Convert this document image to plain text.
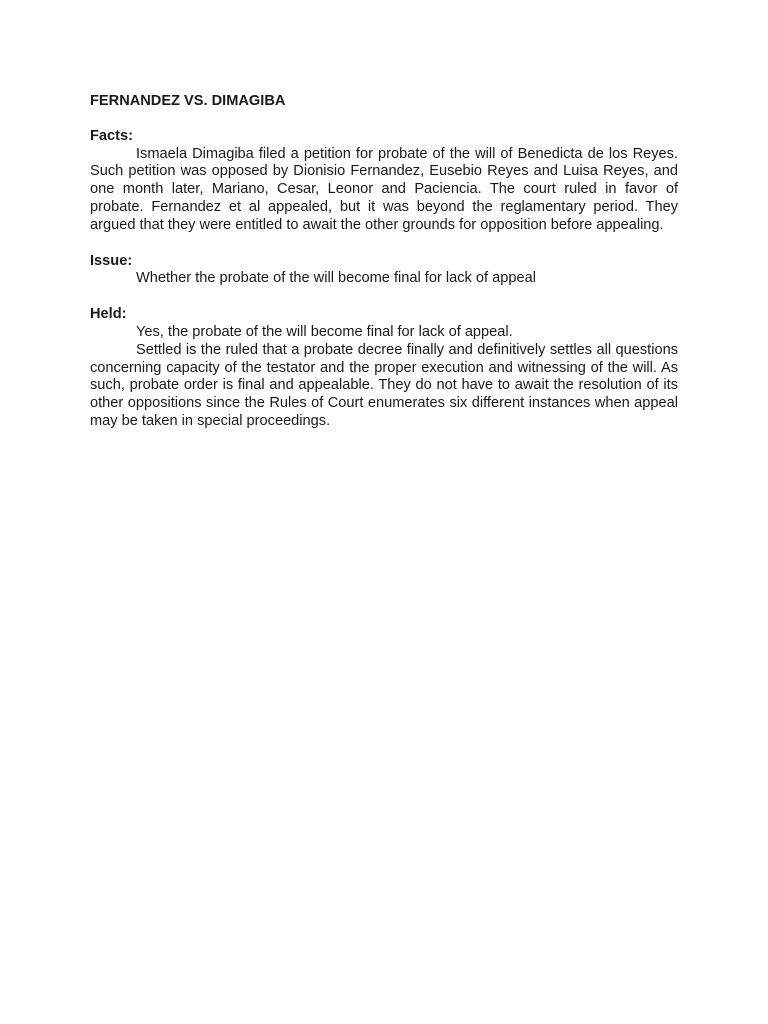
FERNANDEZ VS. DIMAGIBA
Facts:

Ismaela Dimagiba filed a petition for probate of the will of Benedicta de los Reyes. Such petition was opposed by Dionisio Fernandez, Eusebio Reyes and Luisa Reyes, and one month later, Mariano, Cesar, Leonor and Paciencia. The court ruled in favor of probate. Fernandez et al appealed, but it was beyond the reglamentary period. They argued that they were entitled to await the other grounds for opposition before appealing.

Issue:

Whether the probate of the will become final for lack of appeal

Held:

Yes, the probate of the will become final for lack of appeal.

Settled is the ruled that a probate decree finally and definitively settles all questions concerning capacity of the testator and the proper execution and witnessing of the will. As such, probate order is final and appealable. They do not have to await the resolution of its other oppositions since the Rules of Court enumerates six different instances when appeal may be taken in special proceedings.
